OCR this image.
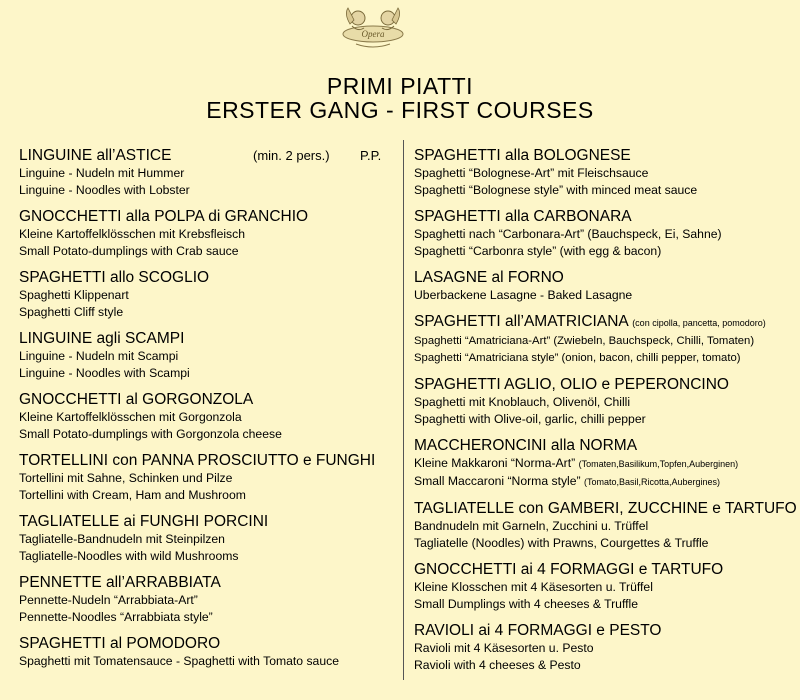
Opera
PRIMI PIATTI
ERSTER GANG - FIRST COURSES
LINGUINE all’ASTICE	(min. 2 pers.) P.P.
Linguine - Nudeln mit Hummer
Linguine - Noodles with Lobster
GNOCCHETTI alla POLPA di GRANCHIO
Kleine Kartoffelklösschen mit Krebsfleisch
Small Potato-dumplings with Crab sauce
SPAGHETTI allo SCOGLIO
Spaghetti Klippenart
Spaghetti Cliff style
LINGUINE agli SCAMPI
Linguine - Nudeln mit Scampi
Linguine - Noodles with Scampi
GNOCCHETTI al GORGONZOLA
Kleine Kartoffelklösschen mit Gorgonzola
Small Potato-dumplings with Gorgonzola cheese
TORTELLINI con PANNA PROSCIUTTO e FUNGHI
Tortellini mit Sahne, Schinken und Pilze
Tortellini with Cream, Ham and Mushroom
TAGLIATELLE ai FUNGHI PORCINI
Tagliatelle-Bandnudeln mit Steinpilzen
Tagliatelle-Noodles with wild Mushrooms
PENNETTE all’ARRABBIATA
Pennette-Nudeln “Arrabbiata-Art”
Pennette-Noodles “Arrabbiata style”
SPAGHETTI al POMODORO
Spaghetti mit Tomatensauce - Spaghetti with Tomato sauce
SPAGHETTI alla BOLOGNESE
Spaghetti “Bolognese-Art” mit Fleischsauce
Spaghetti “Bolognese style” with minced meat sauce
SPAGHETTI alla CARBONARA
Spaghetti nach “Carbonara-Art” (Bauchspeck, Ei, Sahne)
Spaghetti “Carbonra style” (with egg & bacon)
LASAGNE al FORNO
Uberbackene Lasagne - Baked Lasagne
SPAGHETTI all’AMATRICIANA (con cipolla, pancetta, pomodoro)
Spaghetti “Amatriciana-Art” (Zwiebeln, Bauchspeck, Chilli, Tomaten)
Spaghetti “Amatriciana style” (onion, bacon, chilli pepper, tomato)
SPAGHETTI AGLIO, OLIO e PEPERONCINO
Spaghetti mit Knoblauch, Olivenöl, Chilli
Spaghetti with Olive-oil, garlic, chilli pepper
MACCHERONCINI alla NORMA
Kleine Makkaroni “Norma-Art” (Tomaten,Basilikum,Topfen,Auberginen)
Small Maccaroni “Norma style” (Tomato,Basil,Ricotta,Aubergines)
TAGLIATELLE con GAMBERI, ZUCCHINE e TARTUFO
Bandnudeln mit Garneln, Zucchini u. Trüffel
Tagliatelle (Noodles) with Prawns, Courgettes & Truffle
GNOCCHETTI ai 4 FORMAGGI e TARTUFO
Kleine Klosschen mit 4 Käsesorten u. Trüffel
Small Dumplings with 4 cheeses & Truffle
RAVIOLI ai 4 FORMAGGI e PESTO
Ravioli mit 4 Käsesorten u. Pesto
Ravioli with 4 cheeses & Pesto
